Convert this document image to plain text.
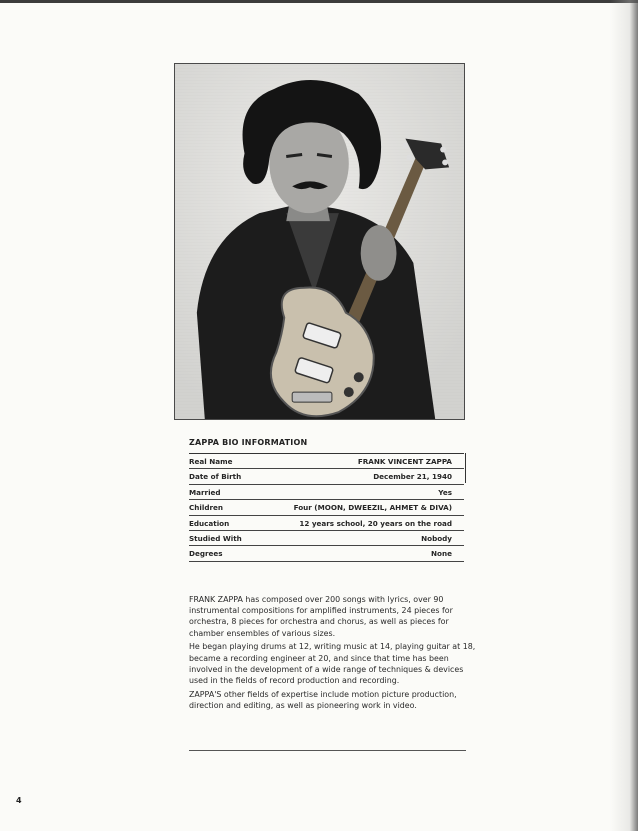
ZAPPA BIO INFORMATION
Real Name	FRANK VINCENT ZAPPA
Date of Birth	December 21, 1940
Married	Yes
Children	Four (MOON, DWEEZIL, AHMET & DIVA)
Education	12 years school, 20 years on the road
Studied With	Nobody
Degrees	None

FRANK ZAPPA has composed over 200 songs with lyrics, over 90 instrumental compositions for amplified instruments, 24 pieces for orchestra, 8 pieces for orchestra and chorus, as well as pieces for chamber ensembles of various sizes.

He began playing drums at 12, writing music at 14, playing guitar at 18, became a recording engineer at 20, and since that time has been involved in the development of a wide range of techniques & devices used in the fields of record production and recording.

ZAPPA'S other fields of expertise include motion picture production, direction and editing, as well as pioneering work in video.

4
